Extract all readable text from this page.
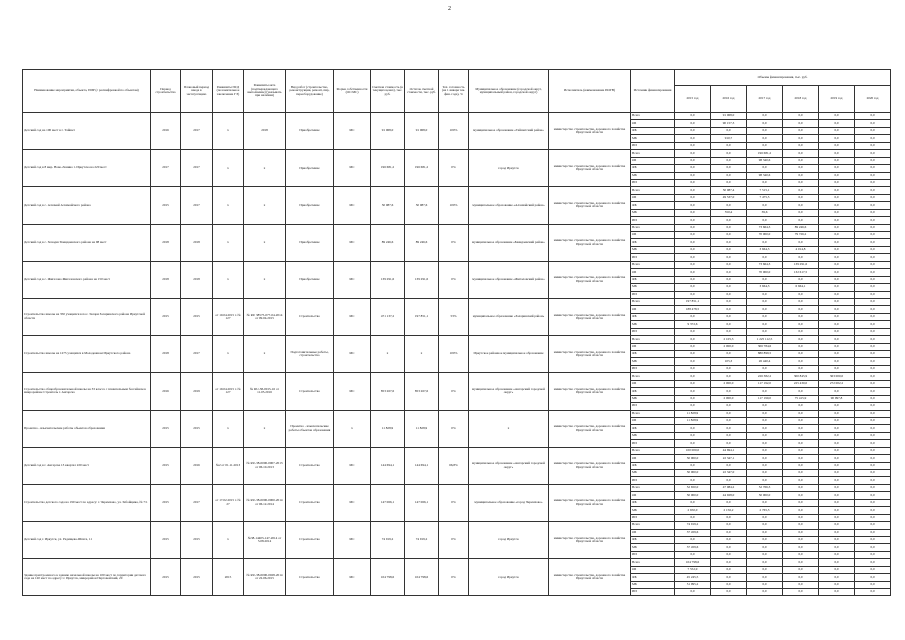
2
Наименование мероприятия, объекта, ПИР (с расшифровкой по объектам)	Период строительства	Плановый период ввода в эксплуатацию	Реквизиты ПСД (положительное заключение ГЭ)	Реквизиты акта (подтверждающего выполнение) (указывать при наличии)	Вид работ (строительство, реконструкция, ремонт, пир, переоборудование)	Форма собственности (ОС/МС)	Сметная стоимость (в текущих ценах), тыс. руб.	Остаток сметной стоимости, тыс. руб.	Тех. готовность (на 1 января тек. фин. года), %	Муниципальное образование (городской округ, муниципальный район, городской округ)	Исполнитель (наименование ИОГВ)	Источник финансирования	Объемы финансирования, тыс. руб.					
													2015 год	2016 год	2017 год	2018 год	2019 год	2020 год
Детский сад на 100 мест в г. Тайшет	2016	2017	х	2018	Приобретение	МС	91 068,0	91 068,0	100%	муниципальное образование «Тайшетский район»	министерство строительства, дорожного хозяйства Иркутской области	Всего	0,0	91 068,0	0,0	0,0	0,0	0,0
												ОБ	0,0	90 157,3	0,0	0,0	0,0	0,0
												ФБ	0,0	0,0	0,0	0,0	0,0	0,0
												МБ	0,0	910,7	0,0	0,0	0,0	0,0
												ИИ	0,0	0,0	0,0	0,0	0,0	0,0
Детский сад в 8 мкр. Ново-Ленино г. Иркутска на 220 мест	2017	2017	х	х	Приобретение	МС	196 681,2	196 681,2	0%	город Иркутск	министерство строительства, дорожного хозяйства Иркутской области	Всего	0,0	0,0	196 681,2	0,0	0,0	0,0
												ОБ	0,0	0,0	98 340,6	0,0	0,0	0,0
												ФБ	0,0	0,0	0,0	0,0	0,0	0,0
												МБ	0,0	0,0	98 340,6	0,0	0,0	0,0
												ИИ	0,0	0,0	0,0	0,0	0,0	0,0
Детский сад в с. Алзамай Алзамайского района	2015	2017	х	х	Приобретение	МС	50 087,6	50 087,6	100%	муниципальное образование «Алзамайский район»	министерство строительства, дорожного хозяйства Иркутской области	Всего	0,0	50 087,4	7 515,1	0,0	0,0	0,0
												ОБ	0,0	49 537,0	7 475,5	0,0	0,0	0,0
												ФБ	0,0	0,0	0,0	0,0	0,0	0,0
												МБ	0,0	550,4	39,6	0,0	0,0	0,0
												ИИ	0,0	0,0	0,0	0,0	0,0	0,0
Детский сад в с. Хоходис Баяндаевского района на 98 мест	2018	2018	х	х	Приобретение	МС	89 246,6	89 246,6	0%	муниципальное образование «Баяндаевский район»	министерство строительства, дорожного хозяйства Иркутской области	Всего	0,0	0,0	73 664,3	89 246,6	0,0	0,0
												ОБ	0,0	0,0	70 000,0	79 726,2	0,0	0,0
												ФБ	0,0	0,0	0,0	0,0	0,0	0,0
												МБ	0,0	0,0	3 664,3	4 014,8	0,0	0,0
												ИИ	0,0	0,0	0,0	0,0	0,0	0,0
Детский сад в с. Жигалово Жигаловского района на 150 мест	2018	2018	х	х	Приобретение	МС	139 291,6	139 291,6	0%	муниципальное образование «Жигаловский район»	министерство строительства, дорожного хозяйства Иркутской области	Всего	0,0	0,0	73 664,3	139 291,6	0,0	0,0
												ОБ	0,0	0,0	70 000,0	132 617,5	0,0	0,0
												ФБ	0,0	0,0	0,0	0,0	0,0	0,0
												МБ	0,0	0,0	3 664,3	6 664,1	0,0	0,0
												ИИ	0,0	0,0	0,0	0,0	0,0	0,0
Строительство школы на 350 учащихся в пос. Залари Заларинского района Иркутской области	2015	2015	от 10.04.2015 г. № 127	№ RU 38575-077-04-2014 от 09.04.2015	Строительство	МС	471 137,2	197 851,1	53%	муниципальное образование «Заларинский район»	министерство строительства, дорожного хозяйства Иркутской области	Всего	197 851,1	0,0	0,0	0,0	0,0	0,0
												ОБ	188 478,5	0,0	0,0	0,0	0,0	0,0
												ФБ	0,0	0,0	0,0	0,0	0,0	0,0
												МБ	9 372,6	0,0	0,0	0,0	0,0	0,0
												ИИ	0,0	0,0	0,0	0,0	0,0	0,0
Строительство школы на 1275 учащихся в Молодежном Иркутского района	2018	2017	х	х	Подготовительные работы, строительство	МС	х	х	100%	Иркутское районное муниципальное образование	министерство строительства, дорожного хозяйства Иркутской области	Всего	0,0	2 105,3	1 225 112,5	0,0	0,0	0,0
												ОБ	0,0	2 000,0	306 784,6	0,0	0,0	0,0
												ФБ	0,0	0,0	880 899,5	0,0	0,0	0,0
												МБ	0,0	105,3	26 440,4	0,0	0,0	0,0
												ИИ	0,0	0,0	0,0	0,0	0,0	0,0
Строительство общеобразовательной школы на 33 класса с плавательным бассейном в микрорайоне Строитель г. Ангарска	2016	2019	от 19.04.2015 г. № 127	№ RU-38-0015-16 от 11.05.2016	Строительство	МС	853 267,6	853 267,6	0%	муниципальное образование «Ангарский городской округ»	министерство строительства, дорожного хозяйства Иркутской области	Всего	0,0	0,0	226 382,2	300 845,9	363 000,0	0,0
												ОБ	0,0	2 000,0	117 192,0	225 430,0	272 002,2	0,0
												ФБ	0,0	0,0	0,0	0,0	0,0	0,0
												МБ	0,0	2 000,0	117 190,0	75 415,9	90 997,8	0,0
												ИИ	0,0	0,0	0,0	0,0	0,0	0,0
Проектно - изыскательские работы объектов образования	2015	2015	х	х	Проектно - изыскательские работы объектов образования	х	11 828,9	11 828,9	0%	х	министерство строительства, дорожного хозяйства Иркутской области	Всего	11 828,9	0,0	0,0	0,0	0,0	0,0
												ОБ	11 828,9	0,0	0,0	0,0	0,0	0,0
												ФБ	0,0	0,0	0,0	0,0	0,0	0,0
												МБ	0,0	0,0	0,0	0,0	0,0	0,0
												ИИ	0,0	0,0	0,0	0,0	0,0	0,0
Детский сад в г. Ангарске 13 квартал 220 мест	2015	2016	№2 от 01.11.2013	№ RU-38-0000-0007-2013 от 06.10.2013	Строительство	МС	144 694,1	144 694,1	66,8%	муниципальное образование «Ангарский городской округ»	министерство строительства, дорожного хозяйства Иркутской области	Всего	100 000,0	44 694,1	0,0	0,0	0,0	0,0
												ОБ	50 000,0	22 347,1	0,0	0,0	0,0	0,0
												ФБ	0,0	0,0	0,0	0,0	0,0	0,0
												МБ	50 000,0	22 347,0	0,0	0,0	0,0	0,0
												ИИ	0,0	0,0	0,0	0,0	0,0	0,0
Строительство детского сада на 190 мест по адресу: г. Черемхово, ул. Забойщика, № 7/1	2015	2017	от 17.02.2015 г. № 27	№ RU-38-0000-0000-2014 от 06.12.2014	Строительство	МС	147 066,1	147 066,1	0%	муниципальное образование «город Черемхово»	министерство строительства, дорожного хозяйства Иркутской области	Всего	52 650,0	47 084,2	52 766,3	0,0	0,0	0,0
												ОБ	50 000,0	44 928,0	50 000,0	0,0	0,0	0,0
												ФБ	0,0	0,0	0,0	0,0	0,0	0,0
												МБ	2 650,0	2 156,2	2 765,3	0,0	0,0	0,0
												ИИ	0,0	0,0	0,0	0,0	0,0	0,0
Детский сад г. Иркутск, ул. Радищева-Шпата, 11	2015	2015	х	№38-14403-147-2014 от 5.08.2014	Строительство	МС	74 919,2	74 919,2	0%	город Иркутск	министерство строительства, дорожного хозяйства Иркутской области	Всего	74 919,2	0,0	0,0	0,0	0,0	0,0
												ОБ	37 459,6	0,0	0,0	0,0	0,0	0,0
												ФБ	0,0	0,0	0,0	0,0	0,0	0,0
												МБ	37 459,6	0,0	0,0	0,0	0,0	0,0
												ИИ	0,0	0,0	0,0	0,0	0,0	0,0
Здание пристроенного к зданию начальной школы на 100 мест по территории детского сада на 120 мест по адресу: г. Иркутск, микрорайон Пертовойский, 20	2015	2015	2015	№ RU-38-0000-0028-2014 от 22.06.2015	Строительство	МС	104 798,6	104 798,6	0%	город Иркутск	министерство строительства, дорожного хозяйства Иркутской области	Всего	104 798,6	0,0	0,0	0,0	0,0	0,0
												ОБ	7 552,9	0,0	0,0	0,0	0,0	0,0
												ФБ	45 245,5	0,0	0,0	0,0	0,0	0,0
												МБ	51 995,2	0,0	0,0	0,0	0,0	0,0
												ИИ	0,0	0,0	0,0	0,0	0,0	0,0
